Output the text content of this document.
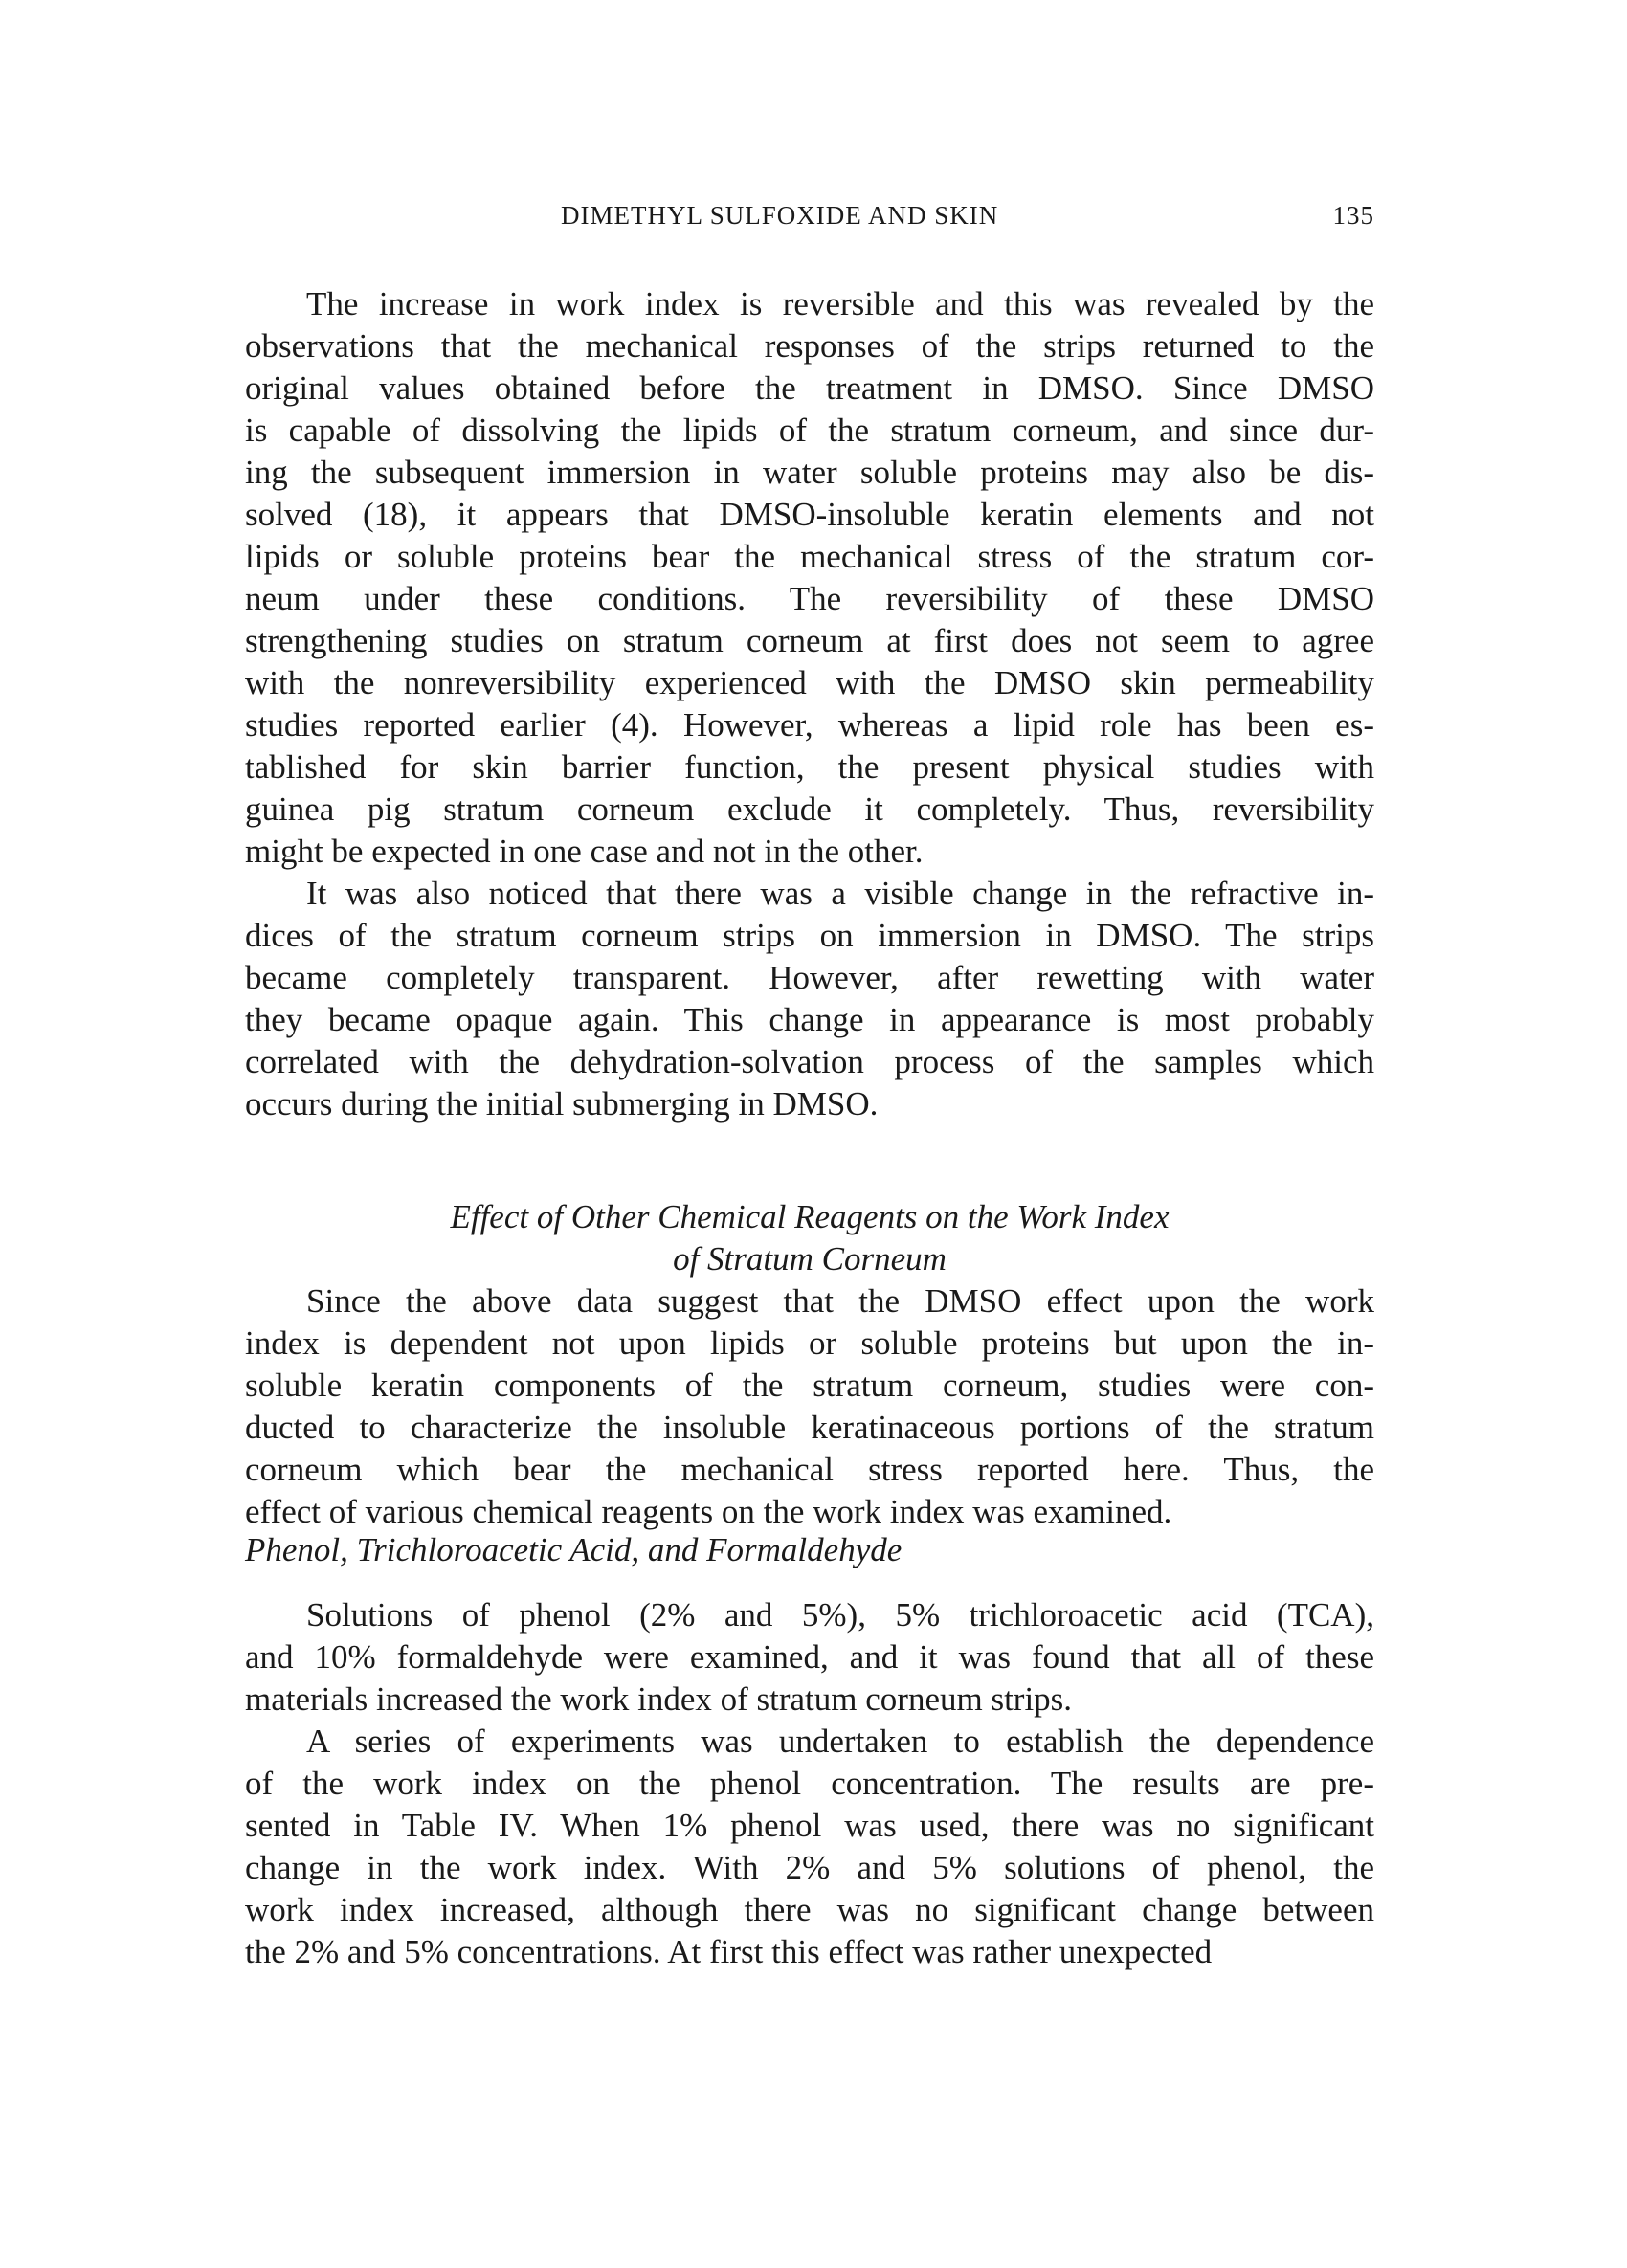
DIMETHYL SULFOXIDE AND SKIN	135
The increase in work index is reversible and this was revealed by the
observations that the mechanical responses of the strips returned to the
original values obtained before the treatment in DMSO. Since DMSO
is capable of dissolving the lipids of the stratum corneum, and since dur-
ing the subsequent immersion in water soluble proteins may also be dis-
solved (18), it appears that DMSO-insoluble keratin elements and not
lipids or soluble proteins bear the mechanical stress of the stratum cor-
neum under these conditions. The reversibility of these DMSO
strengthening studies on stratum corneum at first does not seem to agree
with the nonreversibility experienced with the DMSO skin permeability
studies reported earlier (4). However, whereas a lipid role has been es-
tablished for skin barrier function, the present physical studies with
guinea pig stratum corneum exclude it completely. Thus, reversibility
might be expected in one case and not in the other.
It was also noticed that there was a visible change in the refractive in-
dices of the stratum corneum strips on immersion in DMSO. The strips
became completely transparent. However, after rewetting with water
they became opaque again. This change in appearance is most probably
correlated with the dehydration-solvation process of the samples which
occurs during the initial submerging in DMSO.
Effect of Other Chemical Reagents on the Work Index
of Stratum Corneum
Since the above data suggest that the DMSO effect upon the work
index is dependent not upon lipids or soluble proteins but upon the in-
soluble keratin components of the stratum corneum, studies were con-
ducted to characterize the insoluble keratinaceous portions of the stratum
corneum which bear the mechanical stress reported here. Thus, the
effect of various chemical reagents on the work index was examined.
Phenol, Trichloroacetic Acid, and Formaldehyde
Solutions of phenol (2% and 5%), 5% trichloroacetic acid (TCA),
and 10% formaldehyde were examined, and it was found that all of these
materials increased the work index of stratum corneum strips.
A series of experiments was undertaken to establish the dependence
of the work index on the phenol concentration. The results are pre-
sented in Table IV. When 1% phenol was used, there was no significant
change in the work index. With 2% and 5% solutions of phenol, the
work index increased, although there was no significant change between
the 2% and 5% concentrations. At first this effect was rather unexpected
